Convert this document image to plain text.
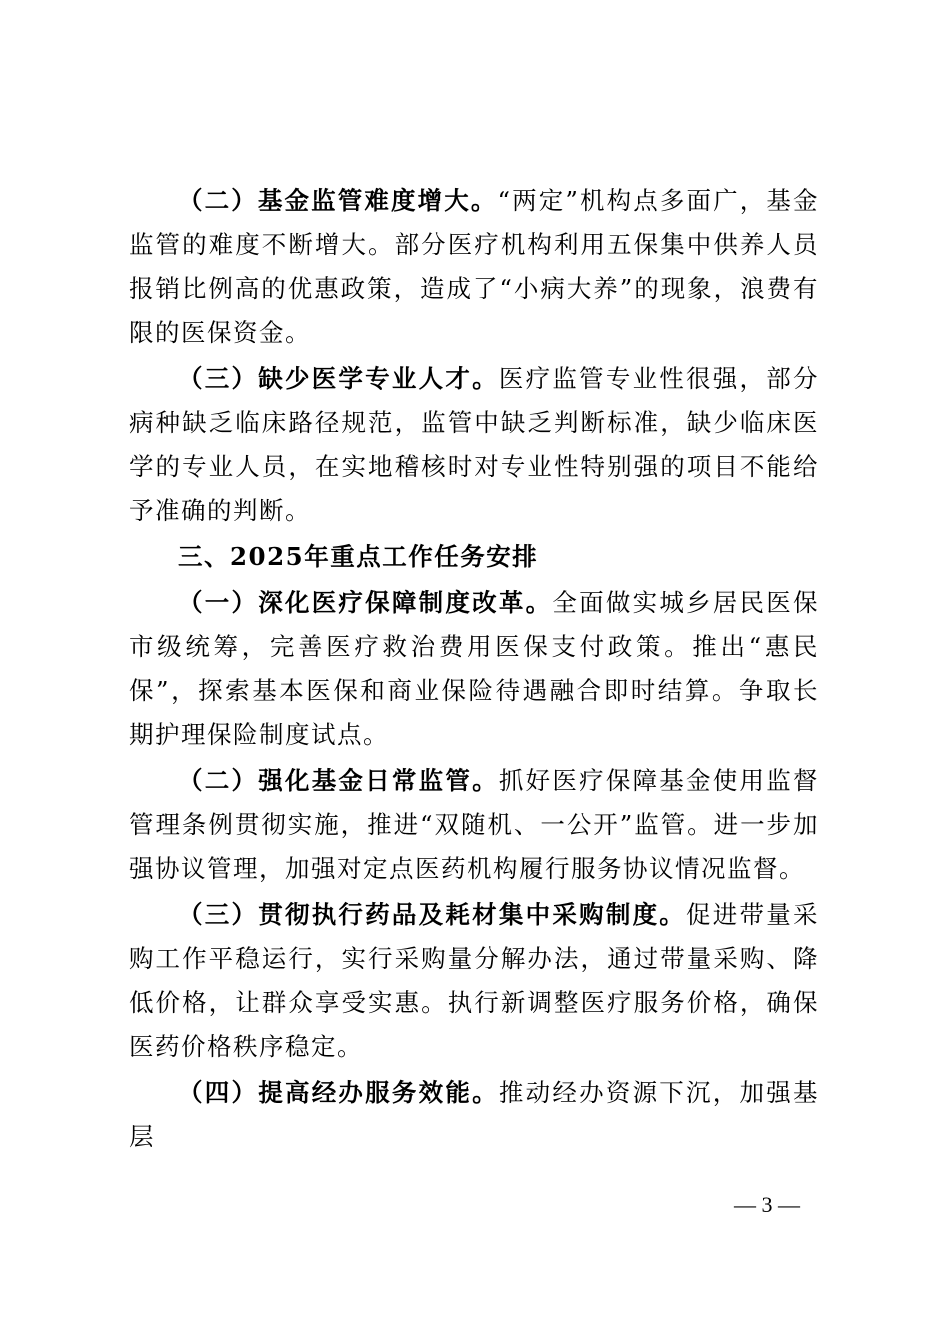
（二）基金监管难度增大。“两定”机构点多面广，基金监管的难度不断增大。部分医疗机构利用五保集中供养人员报销比例高的优惠政策，造成了“小病大养”的现象，浪费有限的医保资金。

（三）缺少医学专业人才。医疗监管专业性很强，部分病种缺乏临床路径规范，监管中缺乏判断标准，缺少临床医学的专业人员，在实地稽核时对专业性特别强的项目不能给予准确的判断。

三、2025年重点工作任务安排

（一）深化医疗保障制度改革。全面做实城乡居民医保市级统筹，完善医疗救治费用医保支付政策。推出“惠民保”，探索基本医保和商业保险待遇融合即时结算。争取长期护理保险制度试点。

（二）强化基金日常监管。抓好医疗保障基金使用监督管理条例贯彻实施，推进“双随机、一公开”监管。进一步加强协议管理，加强对定点医药机构履行服务协议情况监督。

（三）贯彻执行药品及耗材集中采购制度。促进带量采购工作平稳运行，实行采购量分解办法，通过带量采购、降低价格，让群众享受实惠。执行新调整医疗服务价格，确保医药价格秩序稳定。

（四）提高经办服务效能。推动经办资源下沉，加强基层

— 3 —
